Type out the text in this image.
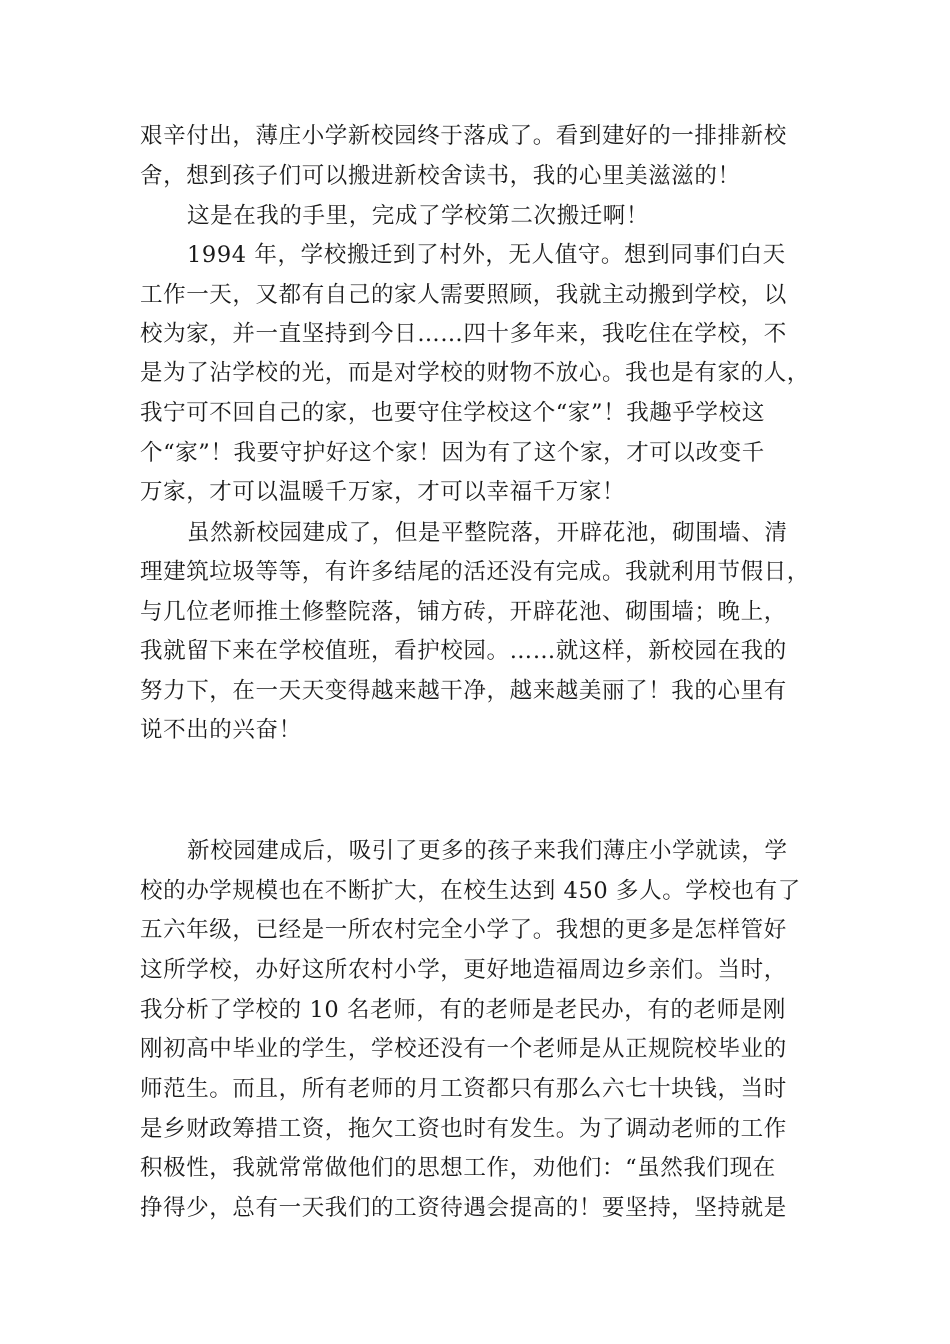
艰辛付出，薄庄小学新校园终于落成了。看到建好的一排排新校
舍，想到孩子们可以搬进新校舍读书，我的心里美滋滋的！
这是在我的手里，完成了学校第二次搬迁啊！
1994 年，学校搬迁到了村外，无人值守。想到同事们白天
工作一天，又都有自己的家人需要照顾，我就主动搬到学校，以
校为家，并一直坚持到今日……四十多年来，我吃住在学校，不
是为了沾学校的光，而是对学校的财物不放心。我也是有家的人，
我宁可不回自己的家，也要守住学校这个“家”！我趣乎学校这
个“家”！我要守护好这个家！因为有了这个家，才可以改变千
万家，才可以温暖千万家，才可以幸福千万家！
虽然新校园建成了，但是平整院落，开辟花池，砌围墙、清
理建筑垃圾等等，有许多结尾的活还没有完成。我就利用节假日，
与几位老师推土修整院落，铺方砖，开辟花池、砌围墙；晚上，
我就留下来在学校值班，看护校园。……就这样，新校园在我的
努力下，在一天天变得越来越干净，越来越美丽了！我的心里有
说不出的兴奋！
新校园建成后，吸引了更多的孩子来我们薄庄小学就读，学
校的办学规模也在不断扩大，在校生达到 450 多人。学校也有了
五六年级，已经是一所农村完全小学了。我想的更多是怎样管好
这所学校，办好这所农村小学，更好地造福周边乡亲们。当时，
我分析了学校的 10 名老师，有的老师是老民办，有的老师是刚
刚初高中毕业的学生，学校还没有一个老师是从正规院校毕业的
师范生。而且，所有老师的月工资都只有那么六七十块钱，当时
是乡财政筹措工资，拖欠工资也时有发生。为了调动老师的工作
积极性，我就常常做他们的思想工作，劝他们：“虽然我们现在
挣得少，总有一天我们的工资待遇会提高的！要坚持，坚持就是
